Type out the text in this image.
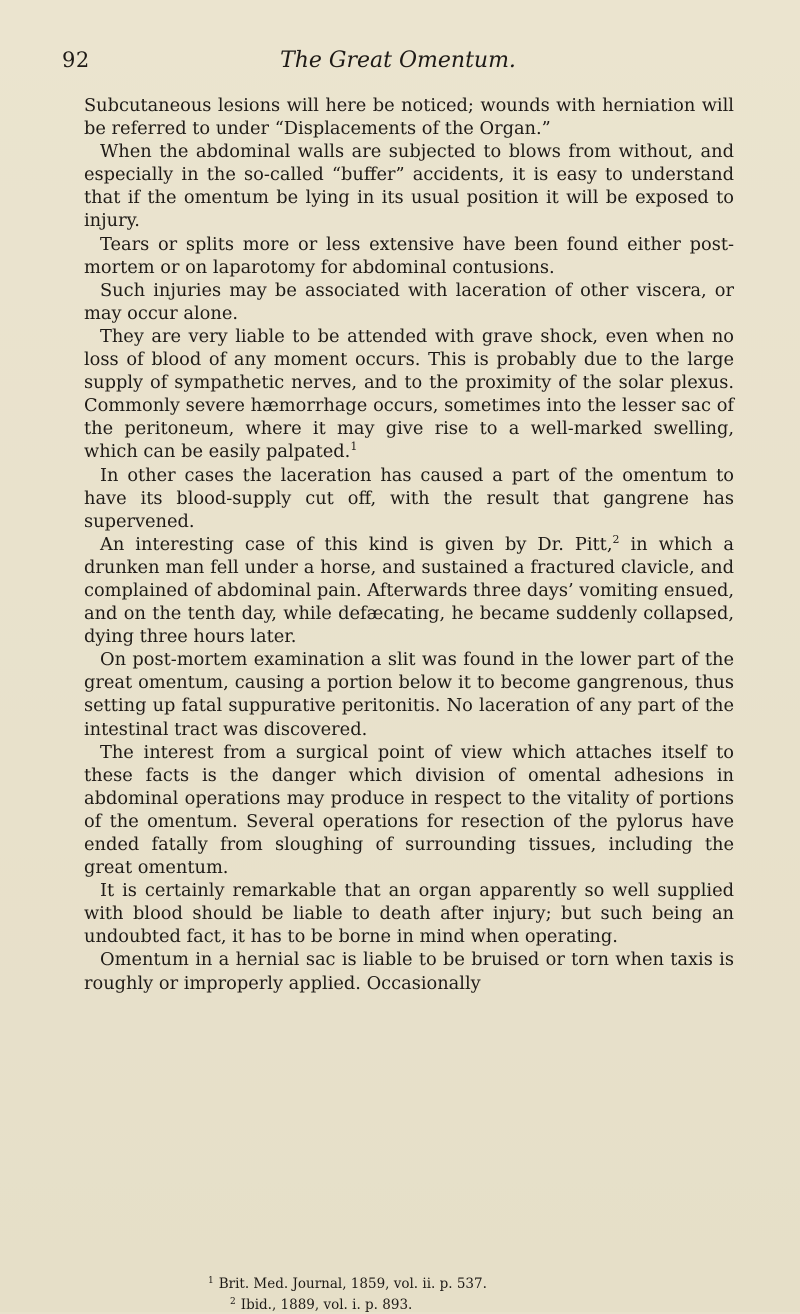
92	The Great Omentum.

Subcutaneous lesions will here be noticed; wounds with herniation will be referred to under “Displacements of the Organ.”

When the abdominal walls are subjected to blows from without, and especially in the so-called “buffer” accidents, it is easy to understand that if the omentum be lying in its usual position it will be exposed to injury.

Tears or splits more or less extensive have been found either post-mortem or on laparotomy for abdominal contusions.

Such injuries may be associated with laceration of other viscera, or may occur alone.

They are very liable to be attended with grave shock, even when no loss of blood of any moment occurs. This is probably due to the large supply of sympathetic nerves, and to the proximity of the solar plexus. Commonly severe hæmorrhage occurs, sometimes into the lesser sac of the peritoneum, where it may give rise to a well-marked swelling, which can be easily palpated.$^1$

In other cases the laceration has caused a part of the omentum to have its blood-supply cut off, with the result that gangrene has supervened.

An interesting case of this kind is given by Dr. Pitt,$^2$ in which a drunken man fell under a horse, and sustained a fractured clavicle, and complained of abdominal pain. Afterwards three days’ vomiting ensued, and on the tenth day, while defæcating, he became suddenly collapsed, dying three hours later.

On post-mortem examination a slit was found in the lower part of the great omentum, causing a portion below it to become gangrenous, thus setting up fatal suppurative peritonitis. No laceration of any part of the intestinal tract was discovered.

The interest from a surgical point of view which attaches itself to these facts is the danger which division of omental adhesions in abdominal operations may produce in respect to the vitality of portions of the omentum. Several operations for resection of the pylorus have ended fatally from sloughing of surrounding tissues, including the great omentum.

It is certainly remarkable that an organ apparently so well supplied with blood should be liable to death after injury; but such being an undoubted fact, it has to be borne in mind when operating.

Omentum in a hernial sac is liable to be bruised or torn when taxis is roughly or improperly applied. Occasionally

$^1$ Brit. Med. Journal, 1859, vol. ii. p. 537.
$^2$ Ibid., 1889, vol. i. p. 893.
